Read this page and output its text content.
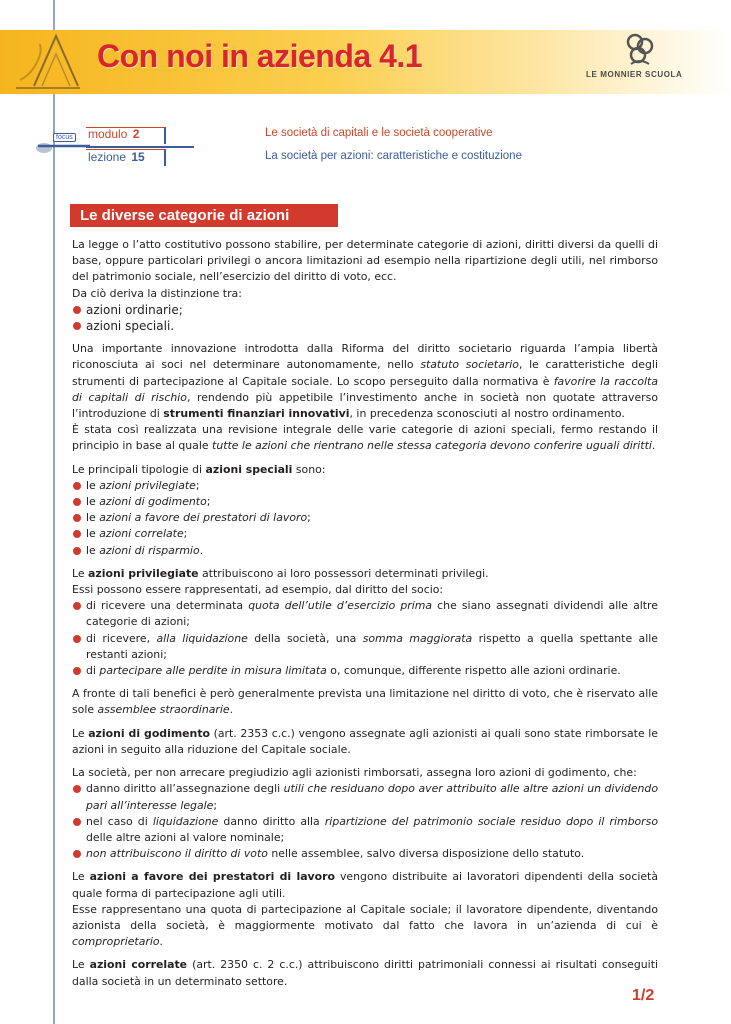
Con noi in azienda 4.1
LE MONNIER SCUOLA
focus modulo 2	Le società di capitali e le società cooperative
lezione 15	La società per azioni: caratteristiche e costituzione
Le diverse categorie di azioni

La legge o l’atto costitutivo possono stabilire, per determinate categorie di azioni, diritti diversi da quelli di base, oppure particolari privilegi o ancora limitazioni ad esempio nella ripartizione degli utili, nel rimborso del patrimonio sociale, nell’esercizio del diritto di voto, ecc.

Da ciò deriva la distinzione tra:

azioni ordinarie;
azioni speciali.

Una importante innovazione introdotta dalla Riforma del diritto societario riguarda l’ampia libertà riconosciuta ai soci nel determinare autonomamente, nello statuto societario, le caratteristiche degli strumenti di partecipazione al Capitale sociale. Lo scopo perseguito dalla normativa è favorire la raccolta di capitali di rischio, rendendo più appetibile l’investimento anche in società non quotate attraverso l’introduzione di strumenti finanziari innovativi, in precedenza sconosciuti al nostro ordinamento.

È stata così realizzata una revisione integrale delle varie categorie di azioni speciali, fermo restando il principio in base al quale tutte le azioni che rientrano nelle stessa categoria devono conferire uguali diritti.

Le principali tipologie di azioni speciali sono:

le azioni privilegiate;
le azioni di godimento;
le azioni a favore dei prestatori di lavoro;
le azioni correlate;
le azioni di risparmio.

Le azioni privilegiate attribuiscono ai loro possessori determinati privilegi.

Essi possono essere rappresentati, ad esempio, dal diritto del socio:

di ricevere una determinata quota dell’utile d’esercizio prima che siano assegnati dividendi alle altre categorie di azioni;
di ricevere, alla liquidazione della società, una somma maggiorata rispetto a quella spettante alle restanti azioni;
di partecipare alle perdite in misura limitata o, comunque, differente rispetto alle azioni ordinarie.

A fronte di tali benefici è però generalmente prevista una limitazione nel diritto di voto, che è riservato alle sole assemblee straordinarie.

Le azioni di godimento (art. 2353 c.c.) vengono assegnate agli azionisti ai quali sono state rimborsate le azioni in seguito alla riduzione del Capitale sociale.

La società, per non arrecare pregiudizio agli azionisti rimborsati, assegna loro azioni di godimento, che:

danno diritto all’assegnazione degli utili che residuano dopo aver attribuito alle altre azioni un dividendo pari all’interesse legale;
nel caso di liquidazione danno diritto alla ripartizione del patrimonio sociale residuo dopo il rimborso delle altre azioni al valore nominale;
non attribuiscono il diritto di voto nelle assemblee, salvo diversa disposizione dello statuto.

Le azioni a favore dei prestatori di lavoro vengono distribuite ai lavoratori dipendenti della società quale forma di partecipazione agli utili.

Esse rappresentano una quota di partecipazione al Capitale sociale; il lavoratore dipendente, diventando azionista della società, è maggiormente motivato dal fatto che lavora in un’azienda di cui è comproprietario.

Le azioni correlate (art. 2350 c. 2 c.c.) attribuiscono diritti patrimoniali connessi ai risultati conseguiti dalla società in un determinato settore.

1/2
